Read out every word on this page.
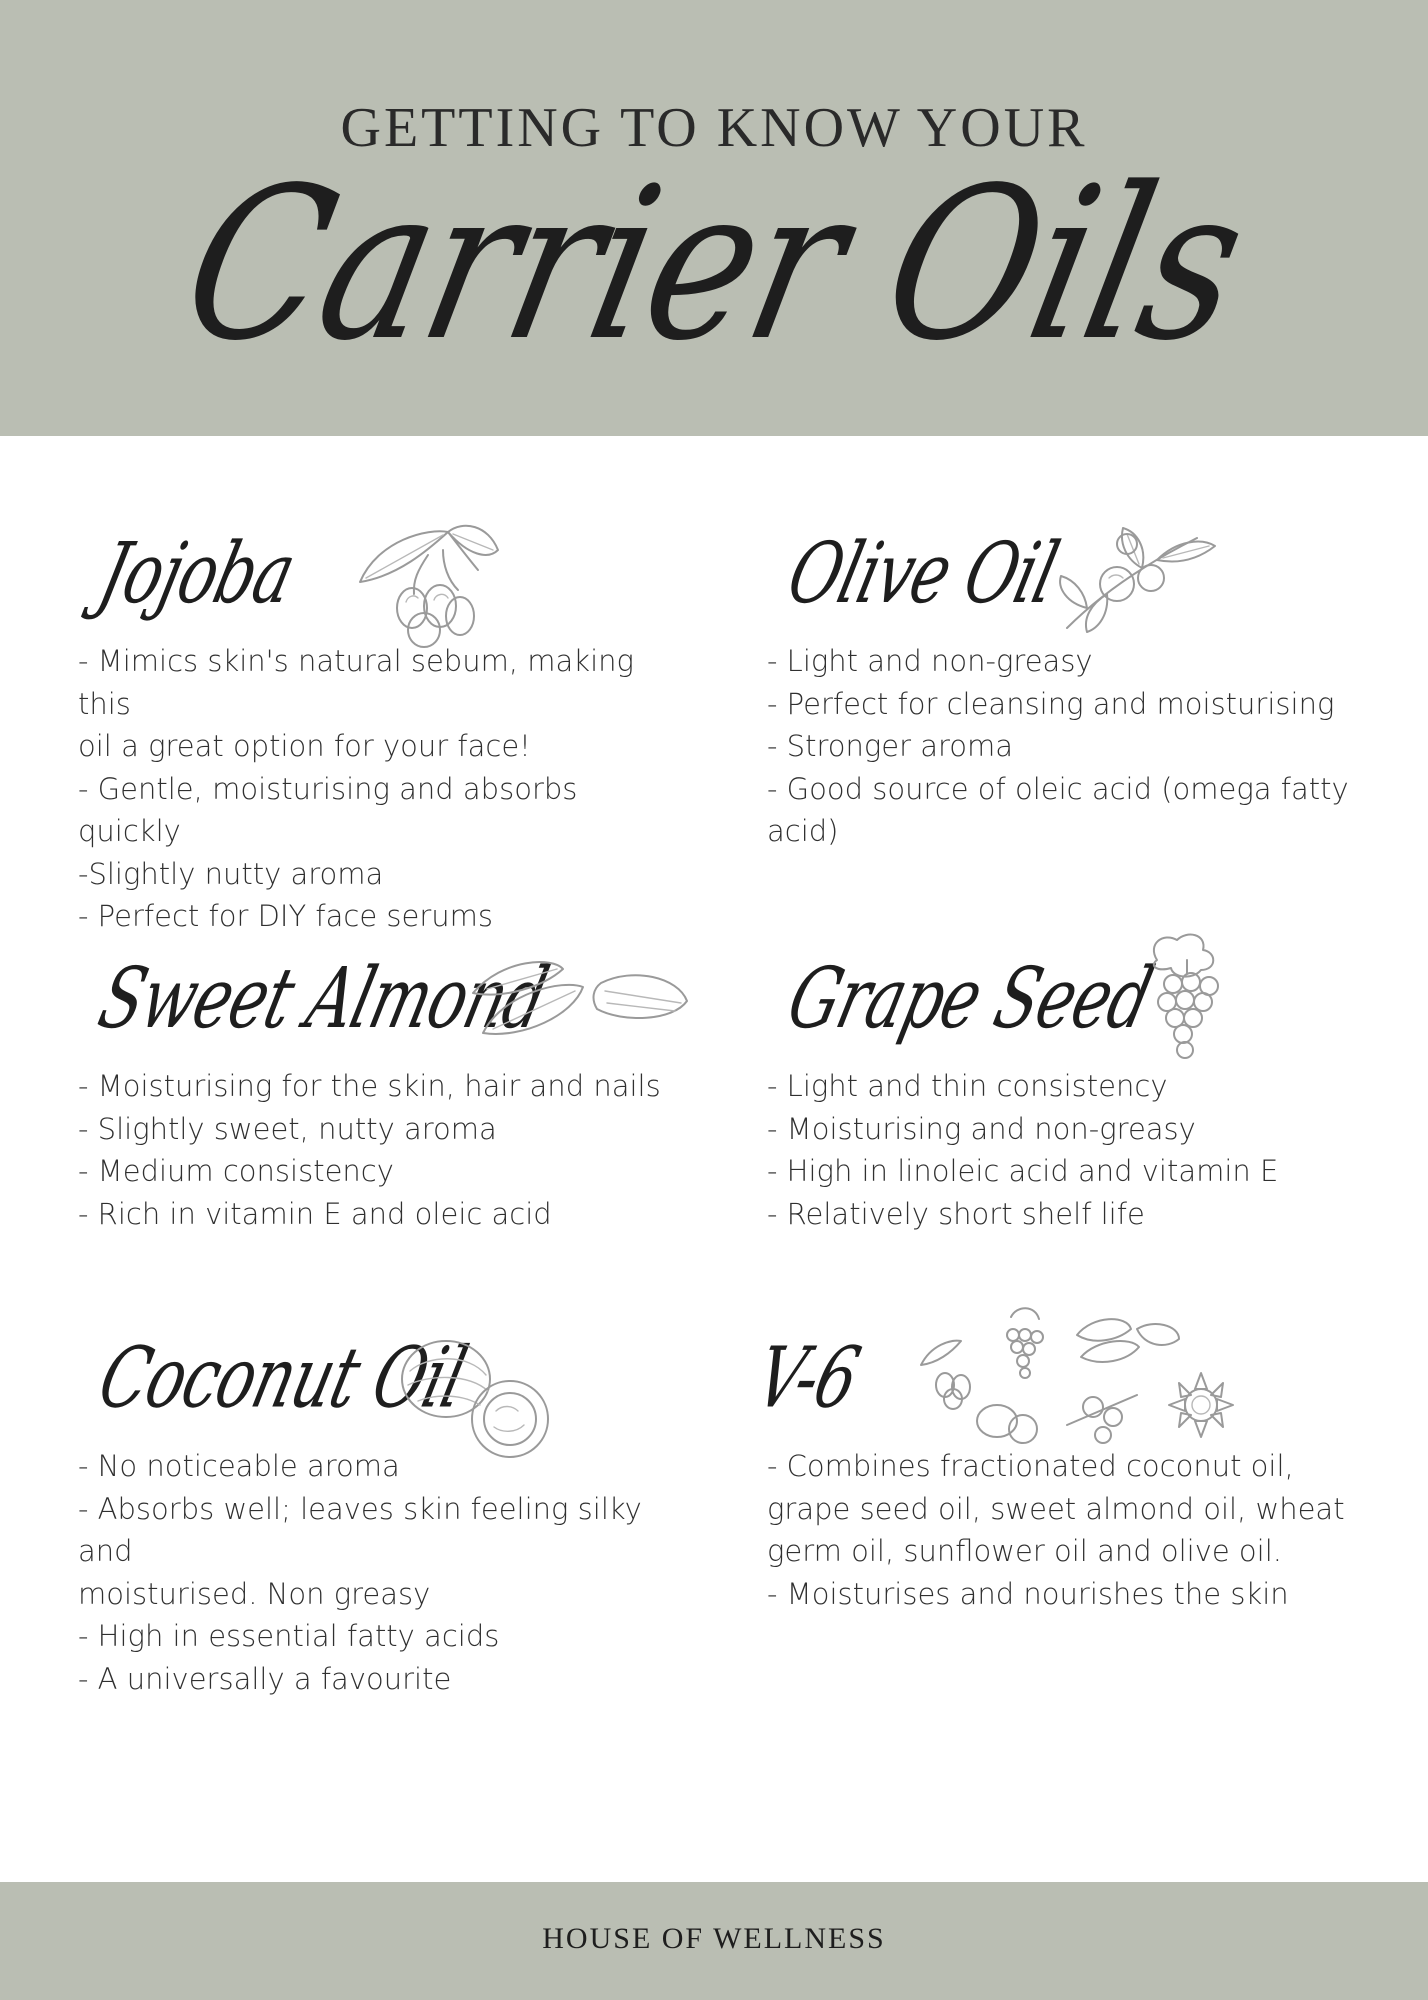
GETTING TO KNOW YOUR
Carrier Oils
Jojoba
- Mimics skin's natural sebum, making this
oil a great option for your face!
- Gentle, moisturising and absorbs quickly
-Slightly nutty aroma
- Perfect for DIY face serums
Olive Oil
- Light and non-greasy
- Perfect for cleansing and moisturising
- Stronger aroma
- Good source of oleic acid (omega fatty
acid)
Sweet Almond
- Moisturising for the skin, hair and nails
- Slightly sweet, nutty aroma
- Medium consistency
- Rich in vitamin E and oleic acid
Grape Seed
- Light and thin consistency
- Moisturising and non-greasy
- High in linoleic acid and vitamin E
- Relatively short shelf life
Coconut Oil
- No noticeable aroma
- Absorbs well; leaves skin feeling silky and
moisturised. Non greasy
- High in essential fatty acids
- A universally a favourite
V-6
- Combines fractionated coconut oil,
grape seed oil, sweet almond oil, wheat
germ oil, sunflower oil and olive oil.
- Moisturises and nourishes the skin
HOUSE OF WELLNESS
